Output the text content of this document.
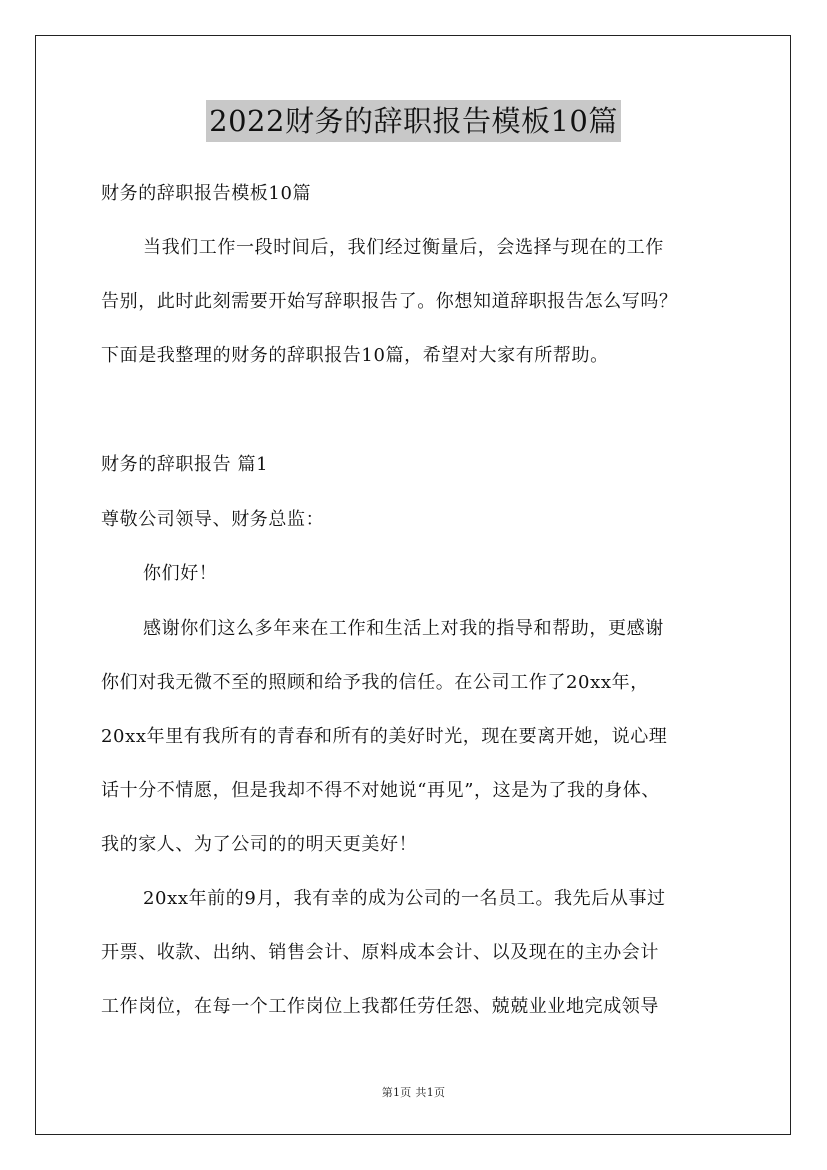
2022财务的辞职报告模板10篇
财务的辞职报告模板10篇
当我们工作一段时间后，我们经过衡量后，会选择与现在的工作
告别，此时此刻需要开始写辞职报告了。你想知道辞职报告怎么写吗？
下面是我整理的财务的辞职报告10篇，希望对大家有所帮助。
财务的辞职报告 篇1
尊敬公司领导、财务总监：
你们好！
感谢你们这么多年来在工作和生活上对我的指导和帮助，更感谢
你们对我无微不至的照顾和给予我的信任。在公司工作了20xx年，
20xx年里有我所有的青春和所有的美好时光，现在要离开她，说心理
话十分不情愿，但是我却不得不对她说“再见”，这是为了我的身体、
我的家人、为了公司的的明天更美好！
20xx年前的9月，我有幸的成为公司的一名员工。我先后从事过
开票、收款、出纳、销售会计、原料成本会计、以及现在的主办会计
工作岗位，在每一个工作岗位上我都任劳任怨、兢兢业业地完成领导
第1页 共1页
